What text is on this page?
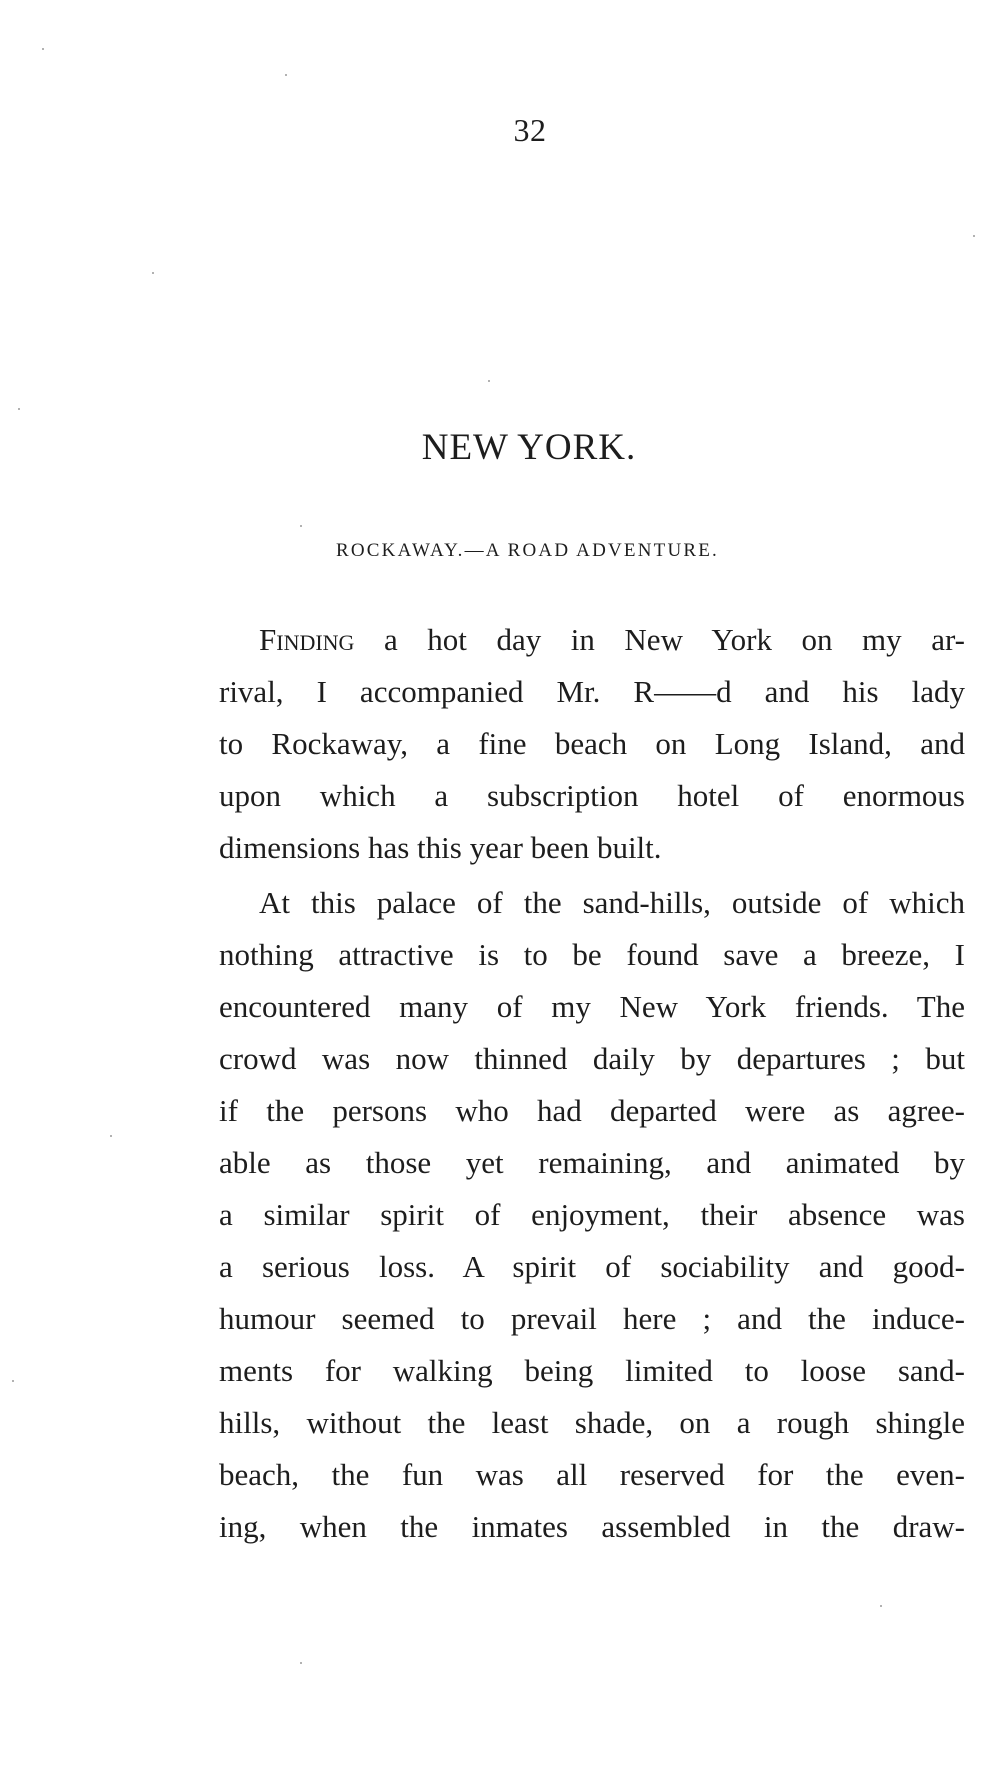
32
NEW YORK.
ROCKAWAY.—A ROAD ADVENTURE.
Finding a hot day in New York on my ar-
rival, I accompanied Mr. R——d and his lady
to Rockaway, a fine beach on Long Island, and
upon which a subscription hotel of enormous
dimensions has this year been built.
At this palace of the sand-hills, outside of which
nothing attractive is to be found save a breeze, I
encountered many of my New York friends. The
crowd was now thinned daily by departures ; but
if the persons who had departed were as agree-
able as those yet remaining, and animated by
a similar spirit of enjoyment, their absence was
a serious loss. A spirit of sociability and good-
humour seemed to prevail here ; and the induce-
ments for walking being limited to loose sand-
hills, without the least shade, on a rough shingle
beach, the fun was all reserved for the even-
ing, when the inmates assembled in the draw-
